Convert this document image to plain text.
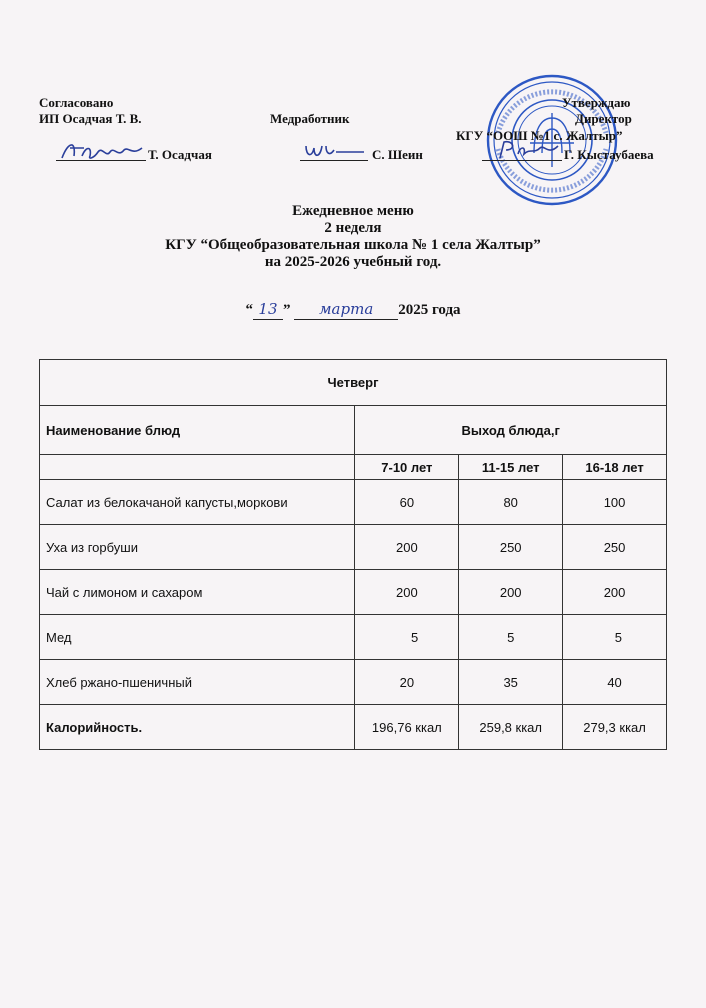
Согласовано
ИП Осадчая Т. В.
Т. Осадчая
Медработник
С. Шеин
Утверждаю
Директор
КГУ “ООШ №1 с. Жалтыр”
Г. Кыстаубаева
Ежедневное меню
2 неделя
КГУ “Общеобразовательная школа № 1 села Жалтыр”
на 2025-2026 учебный год.
“ 13 ” марта 2025 года
Четверг			
Наименование блюд	Выход блюда,г		
	7-10 лет	11-15 лет	16-18 лет
Салат из белокачаной капусты,моркови	60	80	100
Уха из горбуши	200	250	250
Чай с лимоном и сахаром	200	200	200
Мед	5	5	5
Хлеб ржано-пшеничный	20	35	40
Калорийность.	196,76 ккал	259,8 ккал	279,3 ккал
